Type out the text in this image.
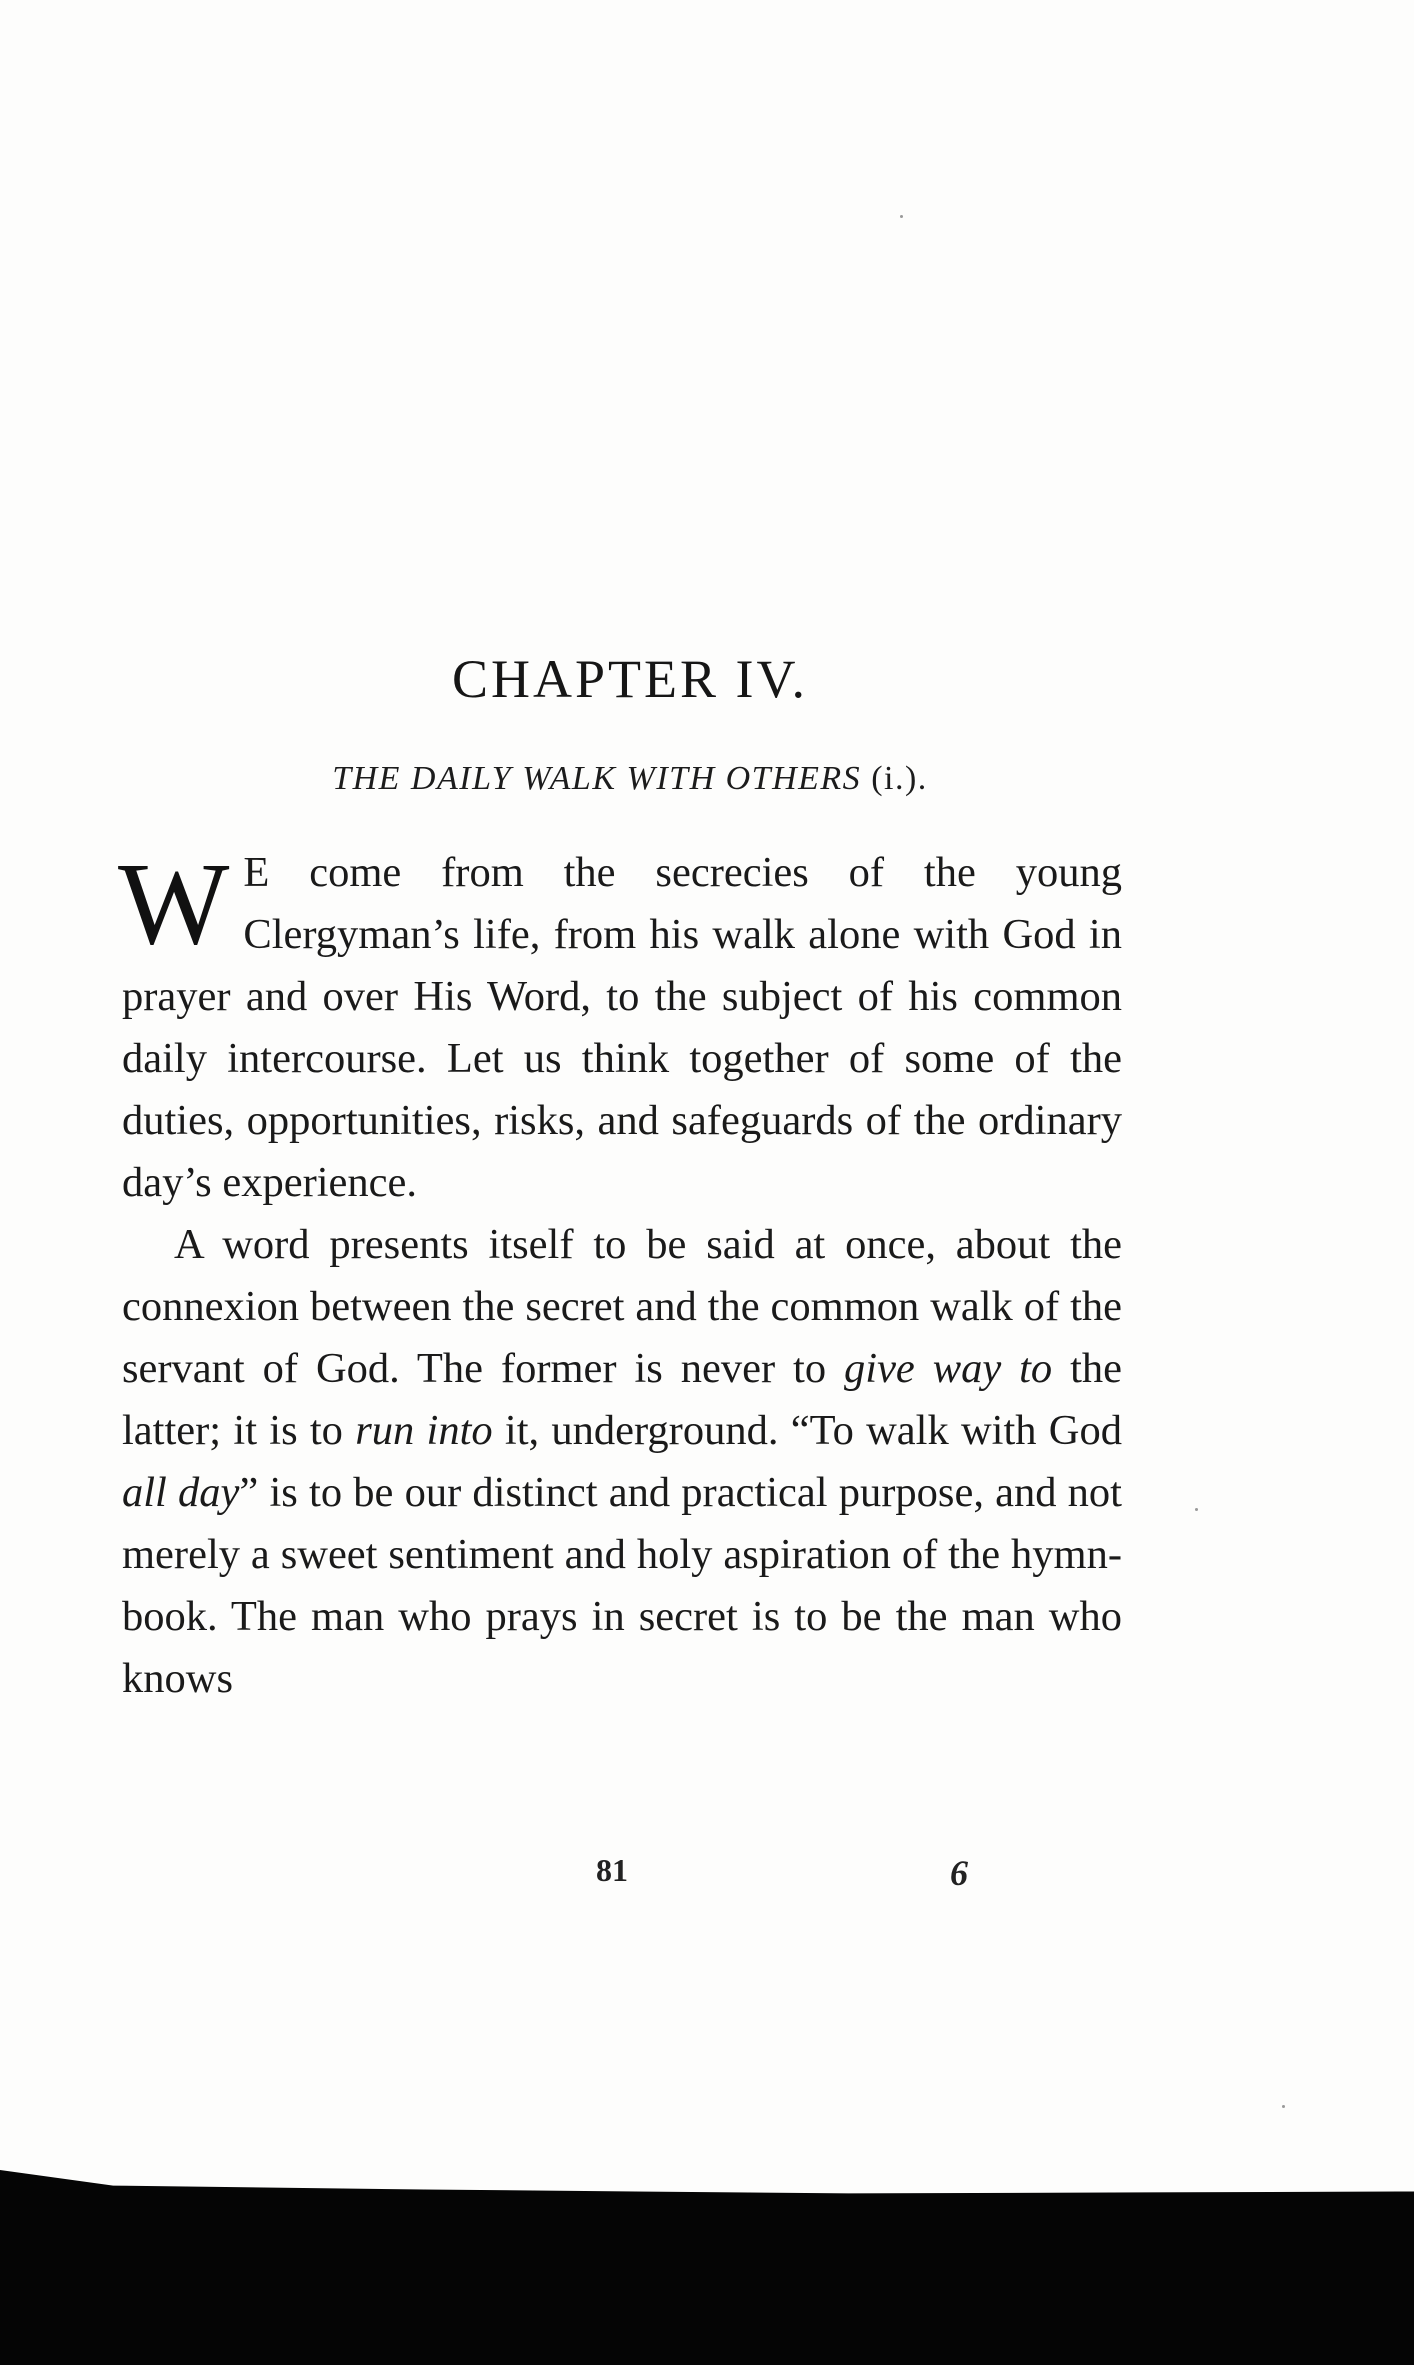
CHAPTER IV.
THE DAILY WALK WITH OTHERS (i.).

W E come from the secrecies of the young Clergyman’s life, from his walk alone with God in prayer and over His Word, to the subject of his common daily intercourse. Let us think together of some of the duties, opportunities, risks, and safeguards of the ordinary day’s experience.

A word presents itself to be said at once, about the connexion between the secret and the common walk of the servant of God. The former is never to give way to the latter; it is to run into it, underground. “To walk with God all day” is to be our distinct and practical purpose, and not merely a sweet sentiment and holy aspiration of the hymn-book. The man who prays in secret is to be the man who knows

81	6
